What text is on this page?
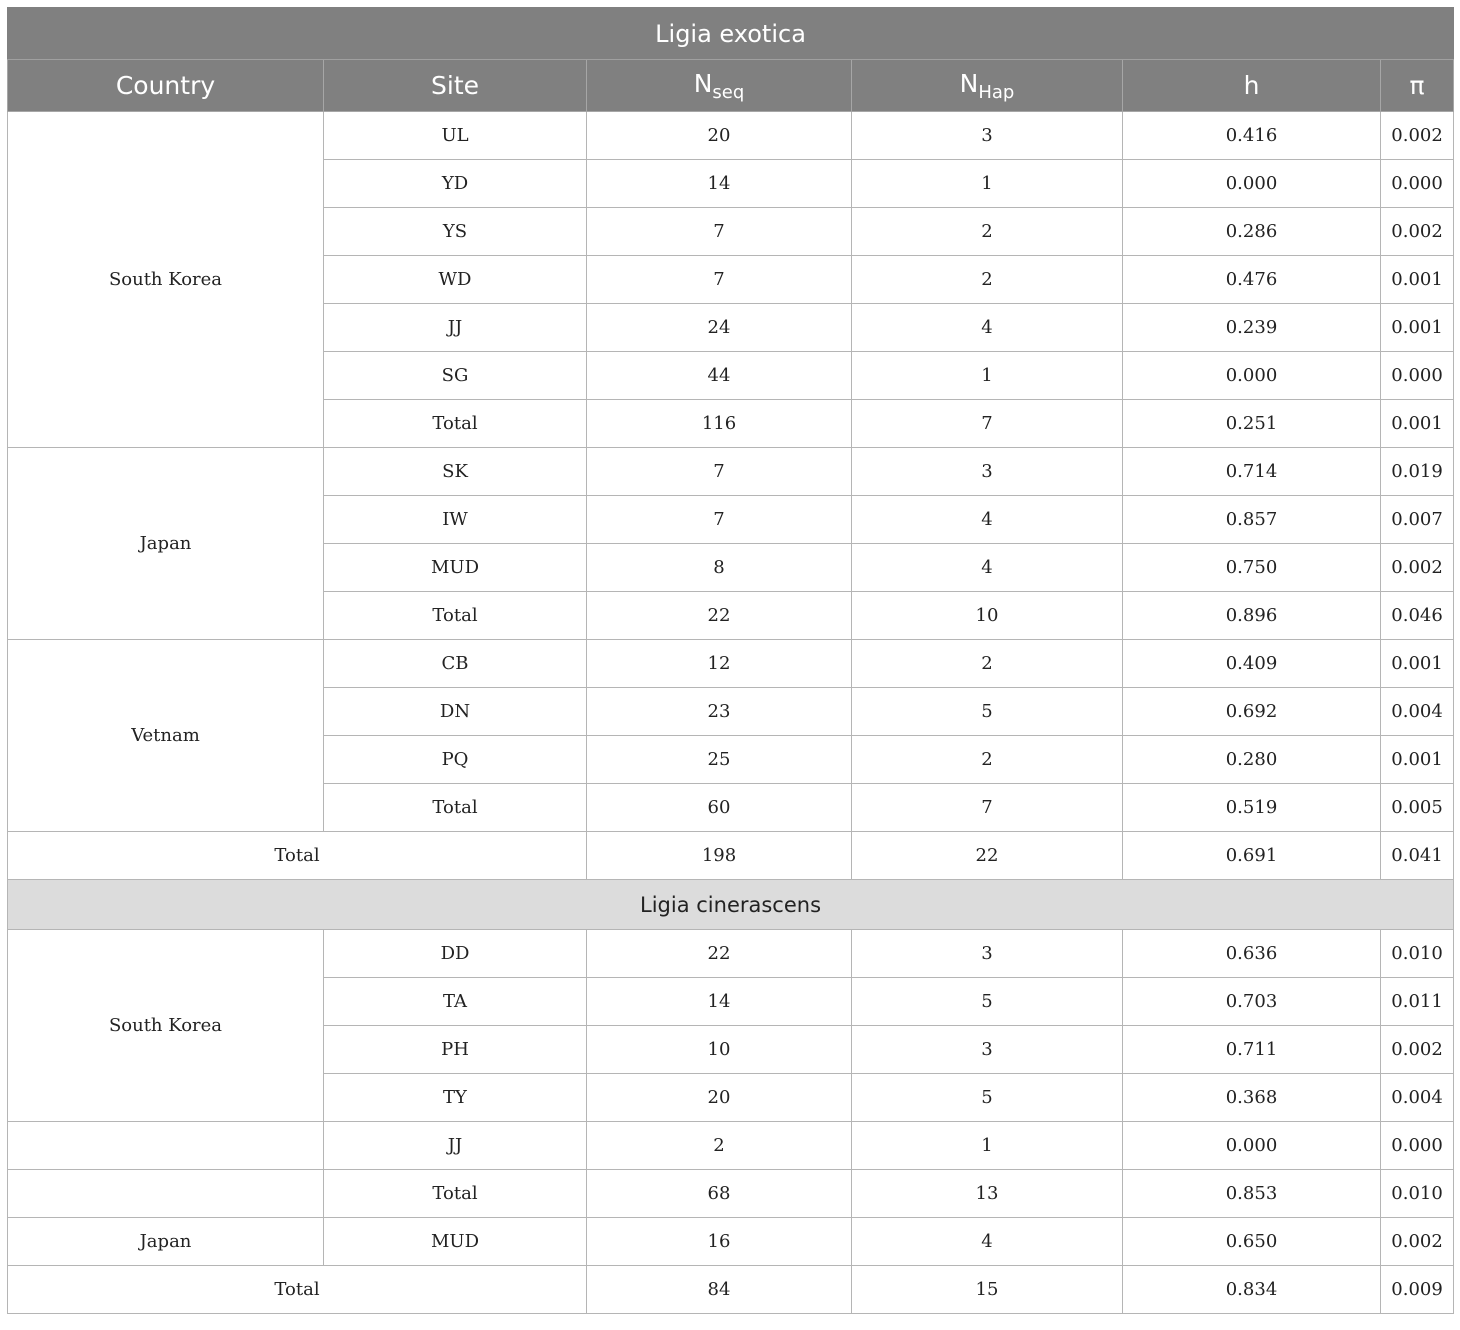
Ligia exotica					
Country	Site	$N_{seq}$	$N_{Hap}$	h	π
South Korea	UL	20	3	0.416	0.002
	YD	14	1	0.000	0.000
	YS	7	2	0.286	0.002
	WD	7	2	0.476	0.001
	JJ	24	4	0.239	0.001
	SG	44	1	0.000	0.000
	Total	116	7	0.251	0.001
Japan	SK	7	3	0.714	0.019
	IW	7	4	0.857	0.007
	MUD	8	4	0.750	0.002
	Total	22	10	0.896	0.046
Vetnam	CB	12	2	0.409	0.001
	DN	23	5	0.692	0.004
	PQ	25	2	0.280	0.001
	Total	60	7	0.519	0.005
Total		198	22	0.691	0.041
Ligia cinerascens					
South Korea	DD	22	3	0.636	0.010
	TA	14	5	0.703	0.011
	PH	10	3	0.711	0.002
	TY	20	5	0.368	0.004
	JJ	2	1	0.000	0.000
	Total	68	13	0.853	0.010
Japan	MUD	16	4	0.650	0.002
Total		84	15	0.834	0.009
